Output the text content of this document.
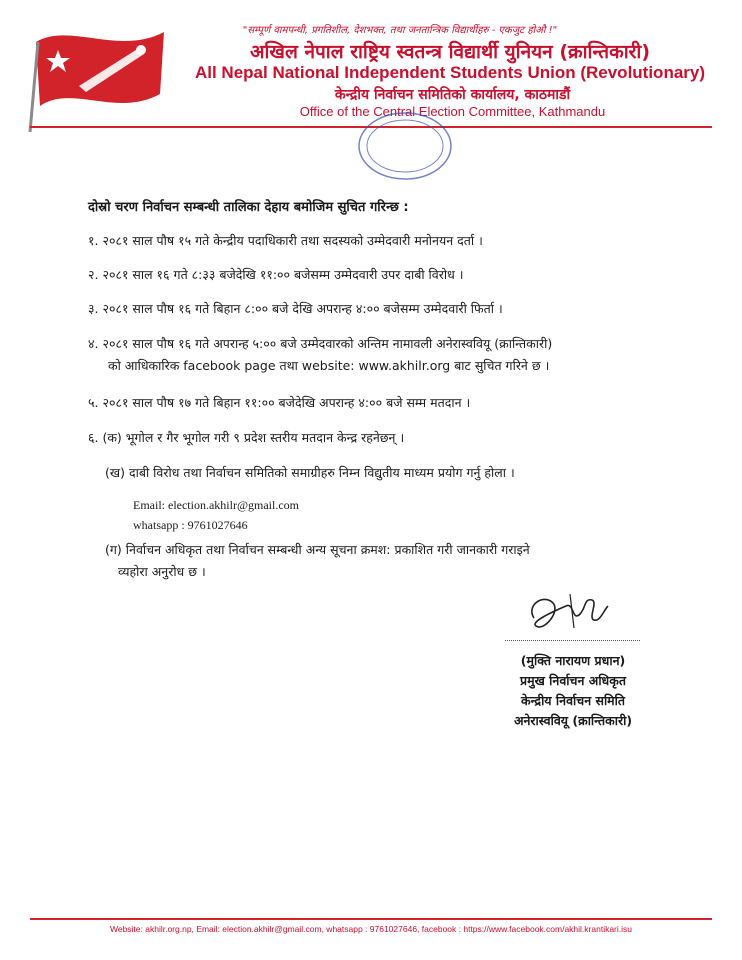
"सम्पूर्ण वामपन्थी, प्रगतिशील, देशभक्त, तथा जनतान्त्रिक विद्यार्थीहरु - एकजुट होऔ !"
अखिल नेपाल राष्ट्रिय स्वतन्त्र विद्यार्थी युनियन (क्रान्तिकारी)
All Nepal National Independent Students Union (Revolutionary)
केन्द्रीय निर्वाचन समितिको कार्यालय, काठमाडौं
Office of the Central Election Committee, Kathmandu
दोस्रो चरण निर्वाचन सम्बन्धी तालिका देहाय बमोजिम सुचित गरिन्छ :
१. २०८१ साल पौष १५ गते केन्द्रीय पदाधिकारी तथा सदस्यको उम्मेदवारी मनोनयन दर्ता ।
२. २०८१ साल १६ गते ८:३३ बजेदेखि ११:०० बजेसम्म उम्मेदवारी उपर दाबी विरोध ।
३. २०८१ साल पौष १६ गते बिहान ८:०० बजे देखि अपरान्ह ४:०० बजेसम्म उम्मेदवारी फिर्ता ।
४. २०८१ साल पौष १६ गते अपरान्ह ५:०० बजे उम्मेदवारको अन्तिम नामावली अनेरास्ववियू (क्रान्तिकारी)
को आधिकारिक facebook page तथा website: www.akhilr.org बाट सुचित गरिने छ ।
५. २०८१ साल पौष १७ गते बिहान ११:०० बजेदेखि अपरान्ह ४:०० बजे सम्म मतदान ।
६. (क) भूगोल र गैर भूगोल गरी ९ प्रदेश स्तरीय मतदान केन्द्र रहनेछन् ।
(ख) दाबी विरोध तथा निर्वाचन समितिको समाग्रीहरु निम्न विद्युतीय माध्यम प्रयोग गर्नु होला ।
Email: election.akhilr@gmail.com
whatsapp : 9761027646
(ग) निर्वाचन अधिकृत तथा निर्वाचन सम्बन्धी अन्य सूचना क्रमश: प्रकाशित गरी जानकारी गराइने
व्यहोरा अनुरोध छ ।
(मुक्ति नारायण प्रधान)
प्रमुख निर्वाचन अधिकृत
केन्द्रीय निर्वाचन समिति
अनेरास्ववियू (क्रान्तिकारी)
Website: akhilr.org.np, Email: election.akhilr@gmail.com, whatsapp : 9761027646, facebook : https://www.facebook.com/akhil.krantikari.isu
